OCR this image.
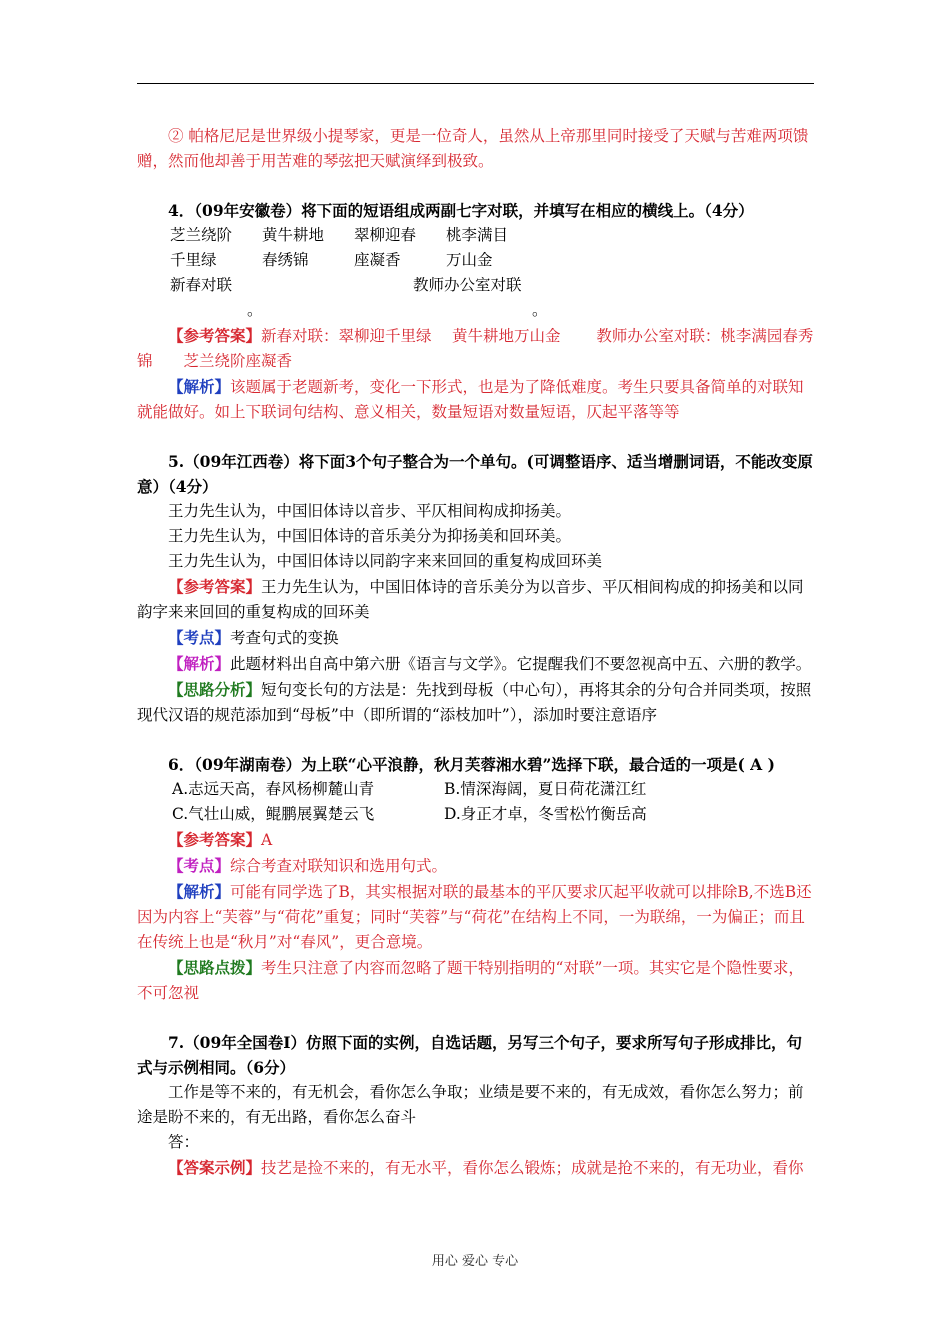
② 帕格尼尼是世界级小提琴家，更是一位奇人，虽然从上帝那里同时接受了天赋与苦难两项馈赠，然而他却善于用苦难的琴弦把天赋演绎到极致。

4．（09年安徽卷）将下面的短语组成两副七字对联，并填写在相应的横线上。（4分）

芝兰绕阶	黄牛耕地	翠柳迎春	桃李满目
千里绿	春绣锦	座凝香	万山金
新春对联	教师办公室对联
。	。

【参考答案】新春对联：翠柳迎千里绿　 黄牛耕地万山金　　 教师办公室对联：桃李满园春秀锦　　芝兰绕阶座凝香

【解析】该题属于老题新考，变化一下形式，也是为了降低难度。考生只要具备简单的对联知就能做好。如上下联词句结构、意义相关，数量短语对数量短语，仄起平落等等

5.（09年江西卷）将下面3个句子整合为一个单句。(可调整语序、适当增删词语，不能改变原意）（4分）

王力先生认为，中国旧体诗以音步、平仄相间构成抑扬美。

王力先生认为，中国旧体诗的音乐美分为抑扬美和回环美。

王力先生认为，中国旧体诗以同韵字来来回回的重复构成回环美

【参考答案】王力先生认为，中国旧体诗的音乐美分为以音步、平仄相间构成的抑扬美和以同韵字来来回回的重复构成的回环美

【考点】考查句式的变换

【解析】此题材料出自高中第六册《语言与文学》。它提醒我们不要忽视高中五、六册的教学。

【思路分析】短句变长句的方法是：先找到母板（中心句），再将其余的分句合并同类项，按照现代汉语的规范添加到“母板”中（即所谓的“添枝加叶”），添加时要注意语序

6．（09年湖南卷）为上联“心平浪静，秋月芙蓉湘水碧”选择下联，最合适的一项是( A )

A.志远天高，春风杨柳麓山青	B.情深海阔，夏日荷花潇江红
C.气壮山威，鲲鹏展翼楚云飞	D.身正才卓，冬雪松竹衡岳高

【参考答案】A

【考点】综合考查对联知识和选用句式。

【解析】可能有同学选了B，其实根据对联的最基本的平仄要求仄起平收就可以排除B,不选B还因为内容上“芙蓉”与“荷花”重复；同时“芙蓉”与“荷花”在结构上不同，一为联绵，一为偏正；而且在传统上也是“秋月”对“春风”，更合意境。

【思路点拨】考生只注意了内容而忽略了题干特别指明的“对联”一项。其实它是个隐性要求，不可忽视

7.（09年全国卷Ⅰ）仿照下面的实例，自选话题，另写三个句子，要求所写句子形成排比，句式与示例相同。（6分）

工作是等不来的，有无机会，看你怎么争取；业绩是要不来的，有无成效，看你怎么努力；前途是盼不来的，有无出路，看你怎么奋斗

答：

【答案示例】技艺是捡不来的，有无水平，看你怎么锻炼；成就是抢不来的，有无功业，看你

用心 爱心 专心
